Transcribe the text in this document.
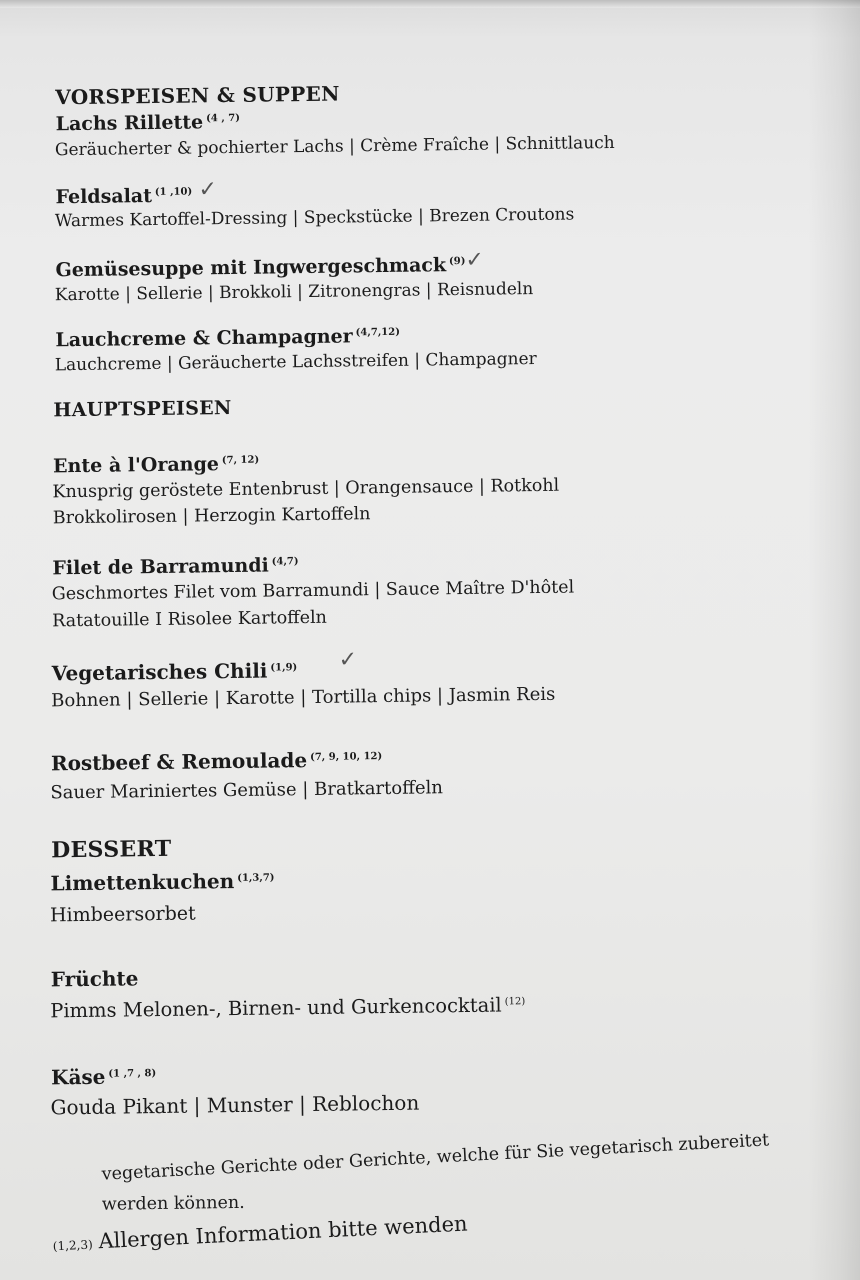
VORSPEISEN & SUPPEN
Lachs Rillette $^{(4 , 7)}$
Geräucherter & pochierter Lachs | Crème Fraîche | Schnittlauch
Feldsalat $^{(1 ,10)}$ ✓
Warmes Kartoffel-Dressing | Speckstücke | Brezen Croutons
Gemüsesuppe mit Ingwergeschmack $^{(9)}$ ✓
Karotte | Sellerie | Brokkoli | Zitronengras | Reisnudeln
Lauchcreme & Champagner $^{(4,7,12)}$
Lauchcreme | Geräucherte Lachsstreifen | Champagner
HAUPTSPEISEN
Ente à l'Orange $^{(7, 12)}$
Knusprig geröstete Entenbrust | Orangensauce | Rotkohl
Brokkolirosen | Herzogin Kartoffeln
Filet de Barramundi $^{(4,7)}$
Geschmortes Filet vom Barramundi | Sauce Maître D'hôtel
Ratatouille I Risolee Kartoffeln
Vegetarisches Chili $^{(1,9)}$ ✓
Bohnen | Sellerie | Karotte | Tortilla chips | Jasmin Reis
Rostbeef & Remoulade $^{(7, 9, 10, 12)}$
Sauer Mariniertes Gemüse | Bratkartoffeln
DESSERT
Limettenkuchen $^{(1,3,7)}$
Himbeersorbet
Früchte
Pimms Melonen-, Birnen- und Gurkencocktail $^{(12)}$
Käse $^{(1 ,7 , 8)}$
Gouda Pikant | Munster | Reblochon
vegetarische Gerichte oder Gerichte, welche für Sie vegetarisch zubereitet
werden können.
(1,2,3) Allergen Information bitte wenden
